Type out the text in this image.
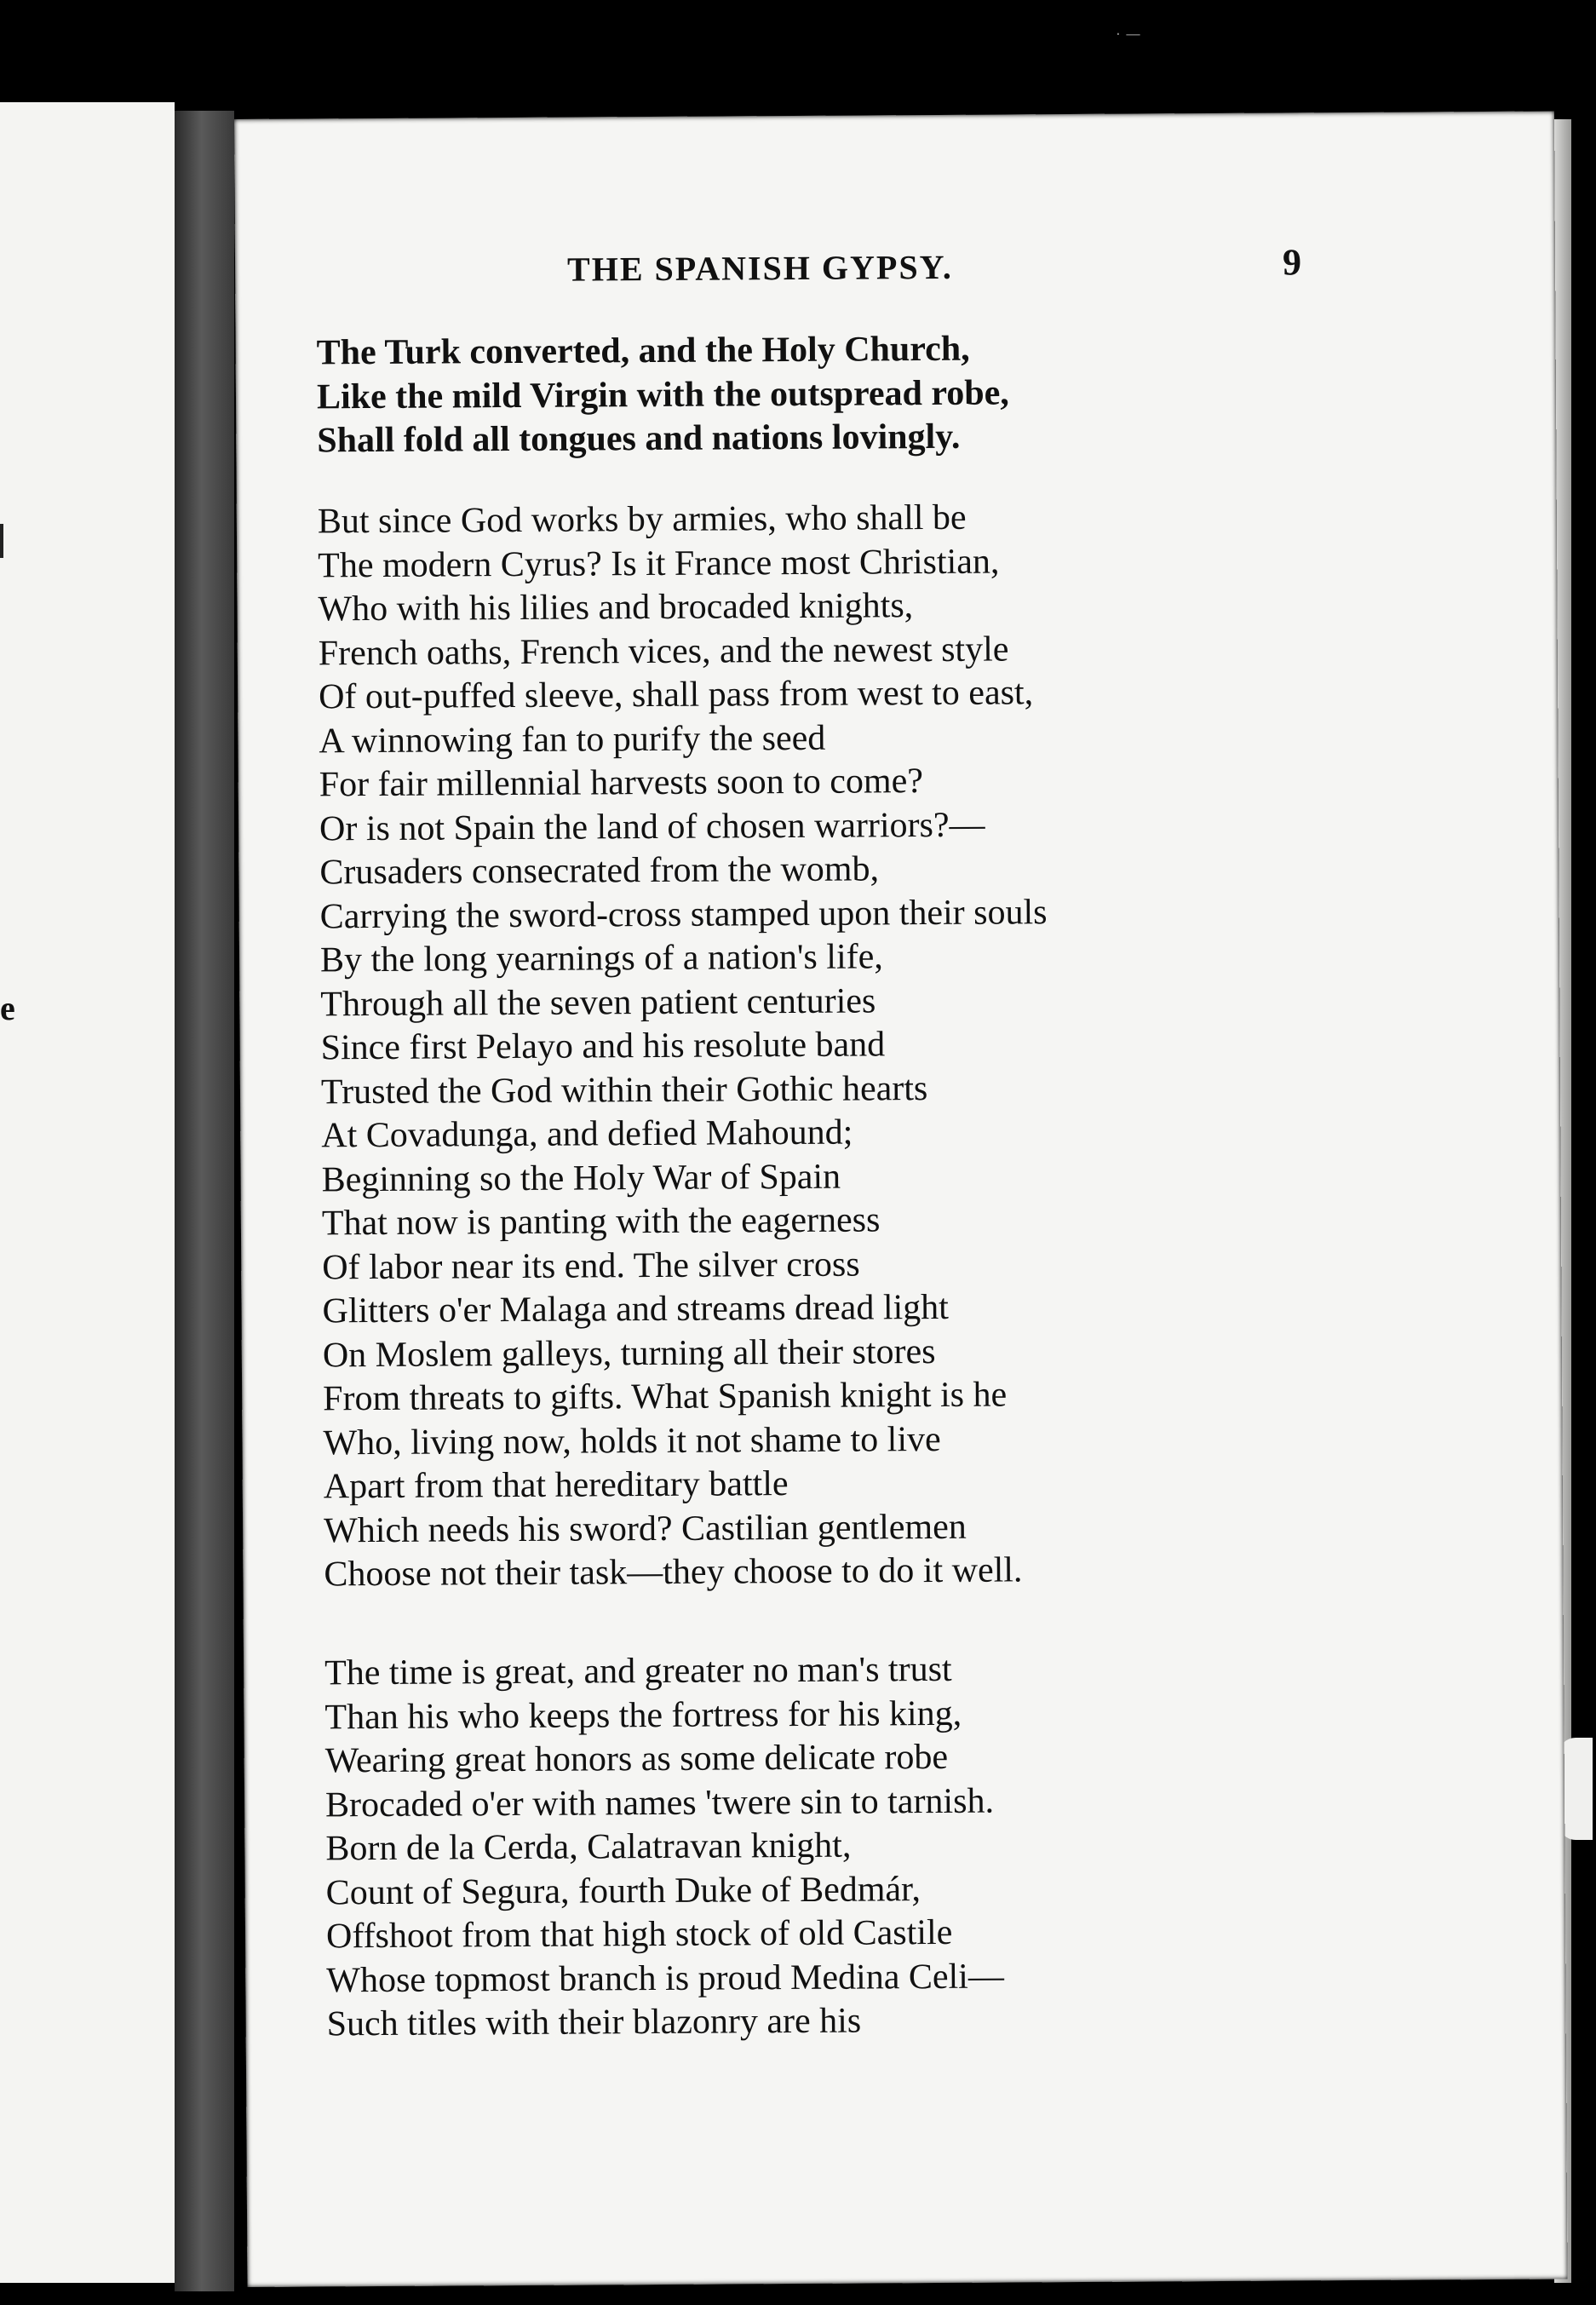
· —
e
THE SPANISH GYPSY.	9
The Turk converted, and the Holy Church,
Like the mild Virgin with the outspread robe,
Shall fold all tongues and nations lovingly.
But since God works by armies, who shall be
The modern Cyrus? Is it France most Christian,
Who with his lilies and brocaded knights,
French oaths, French vices, and the newest style
Of out-puffed sleeve, shall pass from west to east,
A winnowing fan to purify the seed
For fair millennial harvests soon to come?
Or is not Spain the land of chosen warriors?—
Crusaders consecrated from the womb,
Carrying the sword-cross stamped upon their souls
By the long yearnings of a nation's life,
Through all the seven patient centuries
Since first Pelayo and his resolute band
Trusted the God within their Gothic hearts
At Covadunga, and defied Mahound;
Beginning so the Holy War of Spain
That now is panting with the eagerness
Of labor near its end. The silver cross
Glitters o'er Malaga and streams dread light
On Moslem galleys, turning all their stores
From threats to gifts. What Spanish knight is he
Who, living now, holds it not shame to live
Apart from that hereditary battle
Which needs his sword? Castilian gentlemen
Choose not their task—they choose to do it well.
The time is great, and greater no man's trust
Than his who keeps the fortress for his king,
Wearing great honors as some delicate robe
Brocaded o'er with names 'twere sin to tarnish.
Born de la Cerda, Calatravan knight,
Count of Segura, fourth Duke of Bedmár,
Offshoot from that high stock of old Castile
Whose topmost branch is proud Medina Celi—
Such titles with their blazonry are his
